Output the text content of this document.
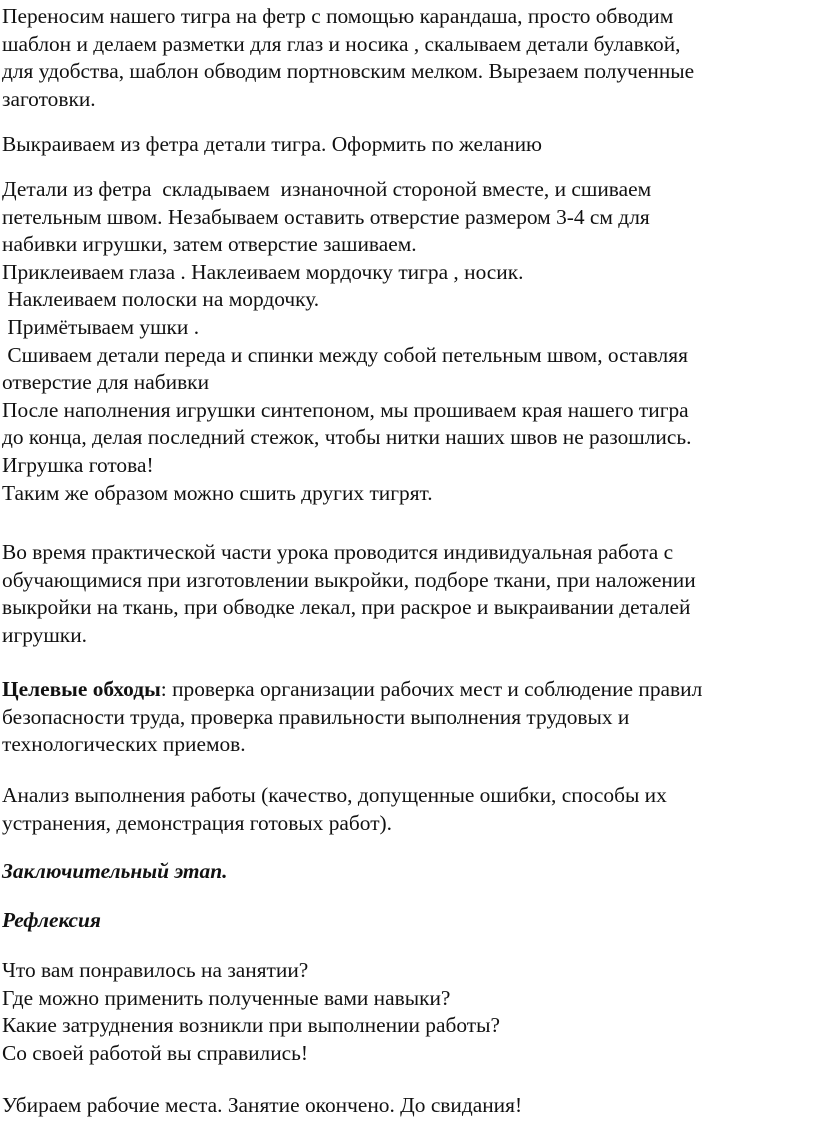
Переносим нашего тигра на фетр с помощью карандаша, просто обводим
шаблон и делаем разметки для глаз и носика , скалываем детали булавкой,
для удобства, шаблон обводим портновским мелком. Вырезаем полученные
заготовки.
Выкраиваем из фетра детали тигра. Оформить по желанию
Детали из фетра  складываем  изнаночной стороной вместе, и сшиваем
петельным швом. Незабываем оставить отверстие размером 3-4 см для
набивки игрушки, затем отверстие зашиваем.
Приклеиваем глаза . Наклеиваем мордочку тигра , носик.
Наклеиваем полоски на мордочку.
Примётываем ушки .
Сшиваем детали переда и спинки между собой петельным швом, оставляя
отверстие для набивки
После наполнения игрушки синтепоном, мы прошиваем края нашего тигра
до конца, делая последний стежок, чтобы нитки наших швов не разошлись.
Игрушка готова!
Таким же образом можно сшить других тигрят.
Во время практической части урока проводится индивидуальная работа с
обучающимися при изготовлении выкройки, подборе ткани, при наложении
выкройки на ткань, при обводке лекал, при раскрое и выкраивании деталей
игрушки.
Целевые обходы: проверка организации рабочих мест и соблюдение правил
безопасности труда, проверка правильности выполнения трудовых и
технологических приемов.
Анализ выполнения работы (качество, допущенные ошибки, способы их
устранения, демонстрация готовых работ).
Заключительный этап.
Рефлексия
Что вам понравилось на занятии?
Где можно применить полученные вами навыки?
Какие затруднения возникли при выполнении работы?
Со своей работой вы справились!
Убираем рабочие места. Занятие окончено. До свидания!
